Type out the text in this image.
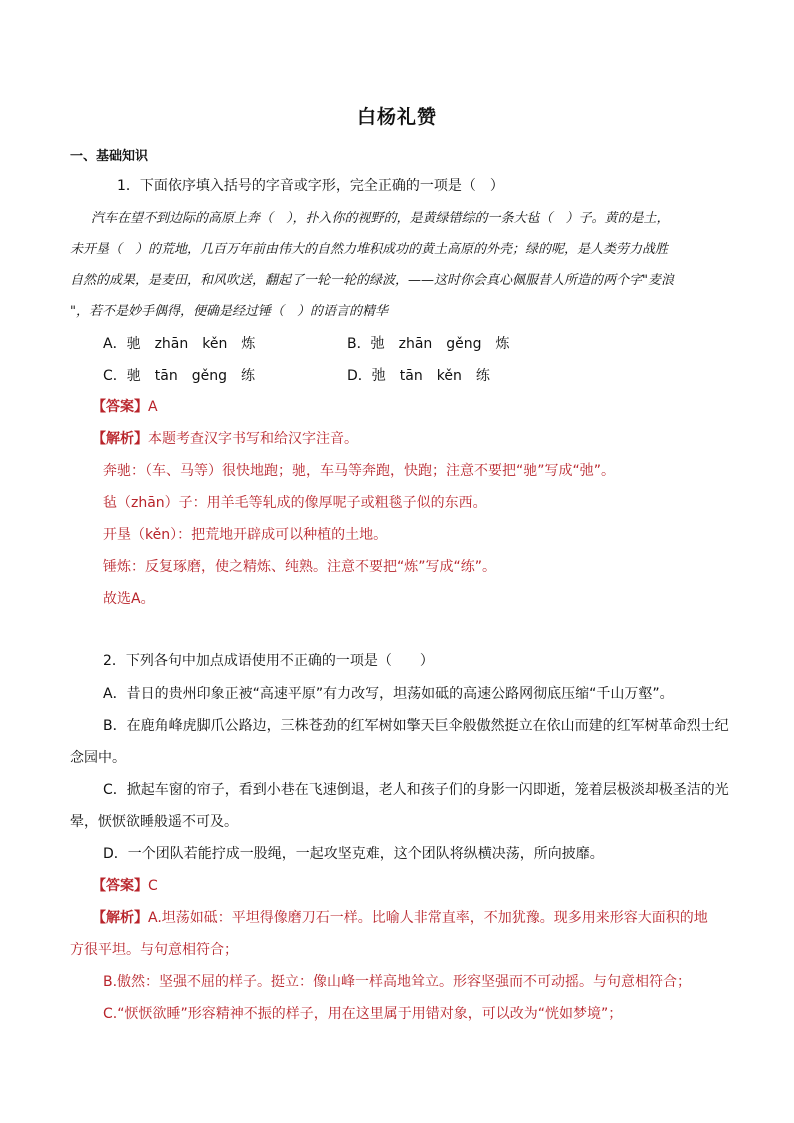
白杨礼赞
一、基础知识
1．下面依序填入括号的字音或字形，完全正确的一项是（　）
汽车在望不到边际的高原上奔（　），扑入你的视野的，是黄绿错综的一条大毡（　）子。黄的是土，
未开垦（　）的荒地，几百万年前由伟大的自然力堆积成功的黄土高原的外壳；绿的呢，是人类劳力战胜
自然的成果，是麦田，和风吹送，翻起了一轮一轮的绿波，——这时你会真心佩服昔人所造的两个字"麦浪
"，若不是妙手偶得，便确是经过锤（　）的语言的精华
A．驰　zhān　kěn　炼	B．弛　zhān　gěng　炼
C．驰　tān　gěng　练	D．弛　tān　kěn　练
【答案】A
【解析】本题考查汉字书写和给汉字注音。
奔驰：（车、马等）很快地跑；驰，车马等奔跑，快跑；注意不要把“驰”写成“弛”。
毡（zhān）子：用羊毛等轧成的像厚呢子或粗毯子似的东西。
开垦（kěn）：把荒地开辟成可以种植的土地。
锤炼：反复琢磨，使之精炼、纯熟。注意不要把“炼”写成“练”。
故选A。
2．下列各句中加点成语使用不正确的一项是（　　）
A．昔日的贵州印象正被“高速平原”有力改写，坦荡如砥的高速公路网彻底压缩“千山万壑”。
B．在鹿角峰虎脚爪公路边，三株苍劲的红军树如擎天巨伞般傲然挺立在依山而建的红军树革命烈士纪
念园中。
C．掀起车窗的帘子，看到小巷在飞速倒退，老人和孩子们的身影一闪即逝，笼着层极淡却极圣洁的光
晕，恹恹欲睡般遥不可及。
D．一个团队若能拧成一股绳，一起攻坚克难，这个团队将纵横决荡，所向披靡。
【答案】C
【解析】A.坦荡如砥：平坦得像磨刀石一样。比喻人非常直率，不加犹豫。现多用来形容大面积的地
方很平坦。与句意相符合；
B.傲然：坚强不屈的样子。挺立：像山峰一样高地耸立。形容坚强而不可动摇。与句意相符合；
C.“恹恹欲睡”形容精神不振的样子，用在这里属于用错对象，可以改为“恍如梦境”；
